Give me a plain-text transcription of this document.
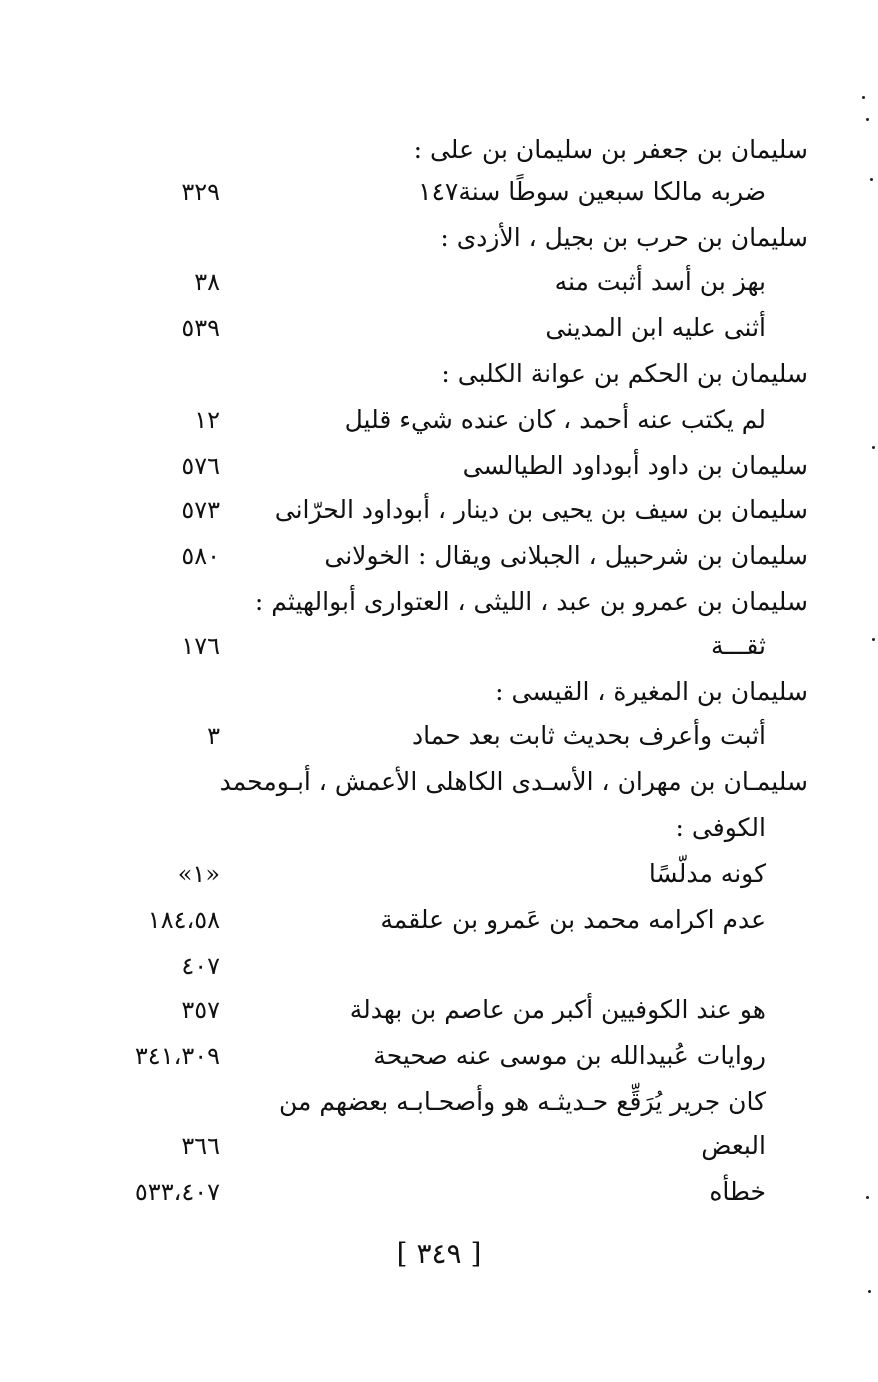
سليمان بن جعفر بن سليمان بن على :
ضربه مالكا سبعين سوطًا سنة١٤٧
٣٢٩
سليمان بن حرب بن بجيل ، الأزدى :
بهز بن أسد أثبت منه
٣٨
أثنى عليه ابن المدينى
٥٣٩
سليمان بن الحكم بن عوانة الكلبى :
لم يكتب عنه أحمد ، كان عنده شيء قليل
١٢
سليمان بن داود أبوداود الطيالسى
٥٧٦
سليمان بن سيف بن يحيى بن دينار ، أبوداود الحرّانى
٥٧٣
سليمان بن شرحبيل ، الجبلانى ويقال : الخولانى
٥٨٠
سليمان بن عمرو بن عبد ، الليثى ، العتوارى أبوالهيثم :
ثقـــة
١٧٦
سليمان بن المغيرة ، القيسى :
أثبت وأعرف بحديث ثابت بعد حماد
٣
سليمـان بن مهران ، الأسـدى الكاهلى الأعمش ، أبـومحمد
الكوفى :
كونه مدلّسًا
«١»
عدم اكرامه محمد بن عَمرو بن علقمة
١٨٤،٥٨
٤٠٧
هو عند الكوفيين أكبر من عاصم بن بهدلة
٣٥٧
روايات عُبيدالله بن موسى عنه صحيحة
٣٤١،٣٠٩
كان جرير يُرَقِّع حـديثـه هو وأصحـابـه بعضهم من
البعض
٣٦٦
خطأه
٥٣٣،٤٠٧
[ ٣٤٩ ]
